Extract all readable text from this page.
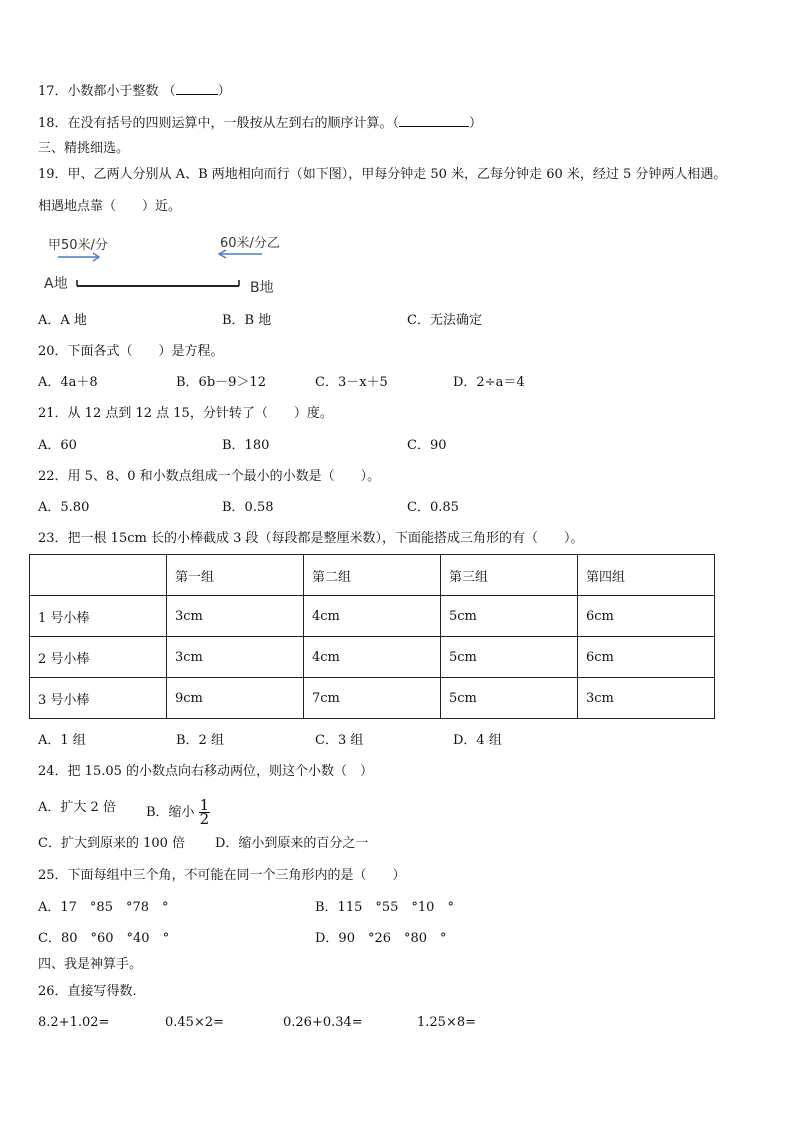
17．小数都小于整数 （	）
18．在没有括号的四则运算中，一般按从左到右的顺序计算。（	）
三、精挑细选。
19．甲、乙两人分别从 A、B 两地相向而行（如下图），甲每分钟走 50 米，乙每分钟走 60 米，经过 5 分钟两人相遇。
相遇地点靠（　　）近。
甲50米/分	60米/分乙
A地	B地
A．A 地	B．B 地	C．无法确定
20．下面各式（　　）是方程。
A．4a＋8	B．6b－9＞12	C．3－x＋5	D．2÷a＝4
21．从 12 点到 12 点 15，分针转了（　　）度。
A．60	B．180	C．90
22．用 5、8、0 和小数点组成一个最小的小数是（　　）。
A．5.80	B．0.58	C．0.85
23．把一根 15cm 长的小棒截成 3 段（每段都是整厘米数），下面能搭成三角形的有（　　）。
	第一组	第二组	第三组	第四组
1 号小棒	3cm	4cm	5cm	6cm
2 号小棒	3cm	4cm	5cm	6cm
3 号小棒	9cm	7cm	5cm	3cm
A．1 组	B．2 组	C．3 组	D．4 组
24．把 15.05 的小数点向右移动两位，则这个小数（　）
A．扩大 2 倍 B．缩小 $\frac{1}{2}$
C．扩大到原来的 100 倍 D．缩小到原来的百分之一
25．下面每组中三个角，不可能在同一个三角形内的是（　　）
A．17　°85　°78　°	B．115　°55　°10　°
C．80　°60　°40　°	D．90　°26　°80　°
四、我是神算手。
26．直接写得数.
8.2+1.02=	0.45×2=	0.26+0.34=	1.25×8=
